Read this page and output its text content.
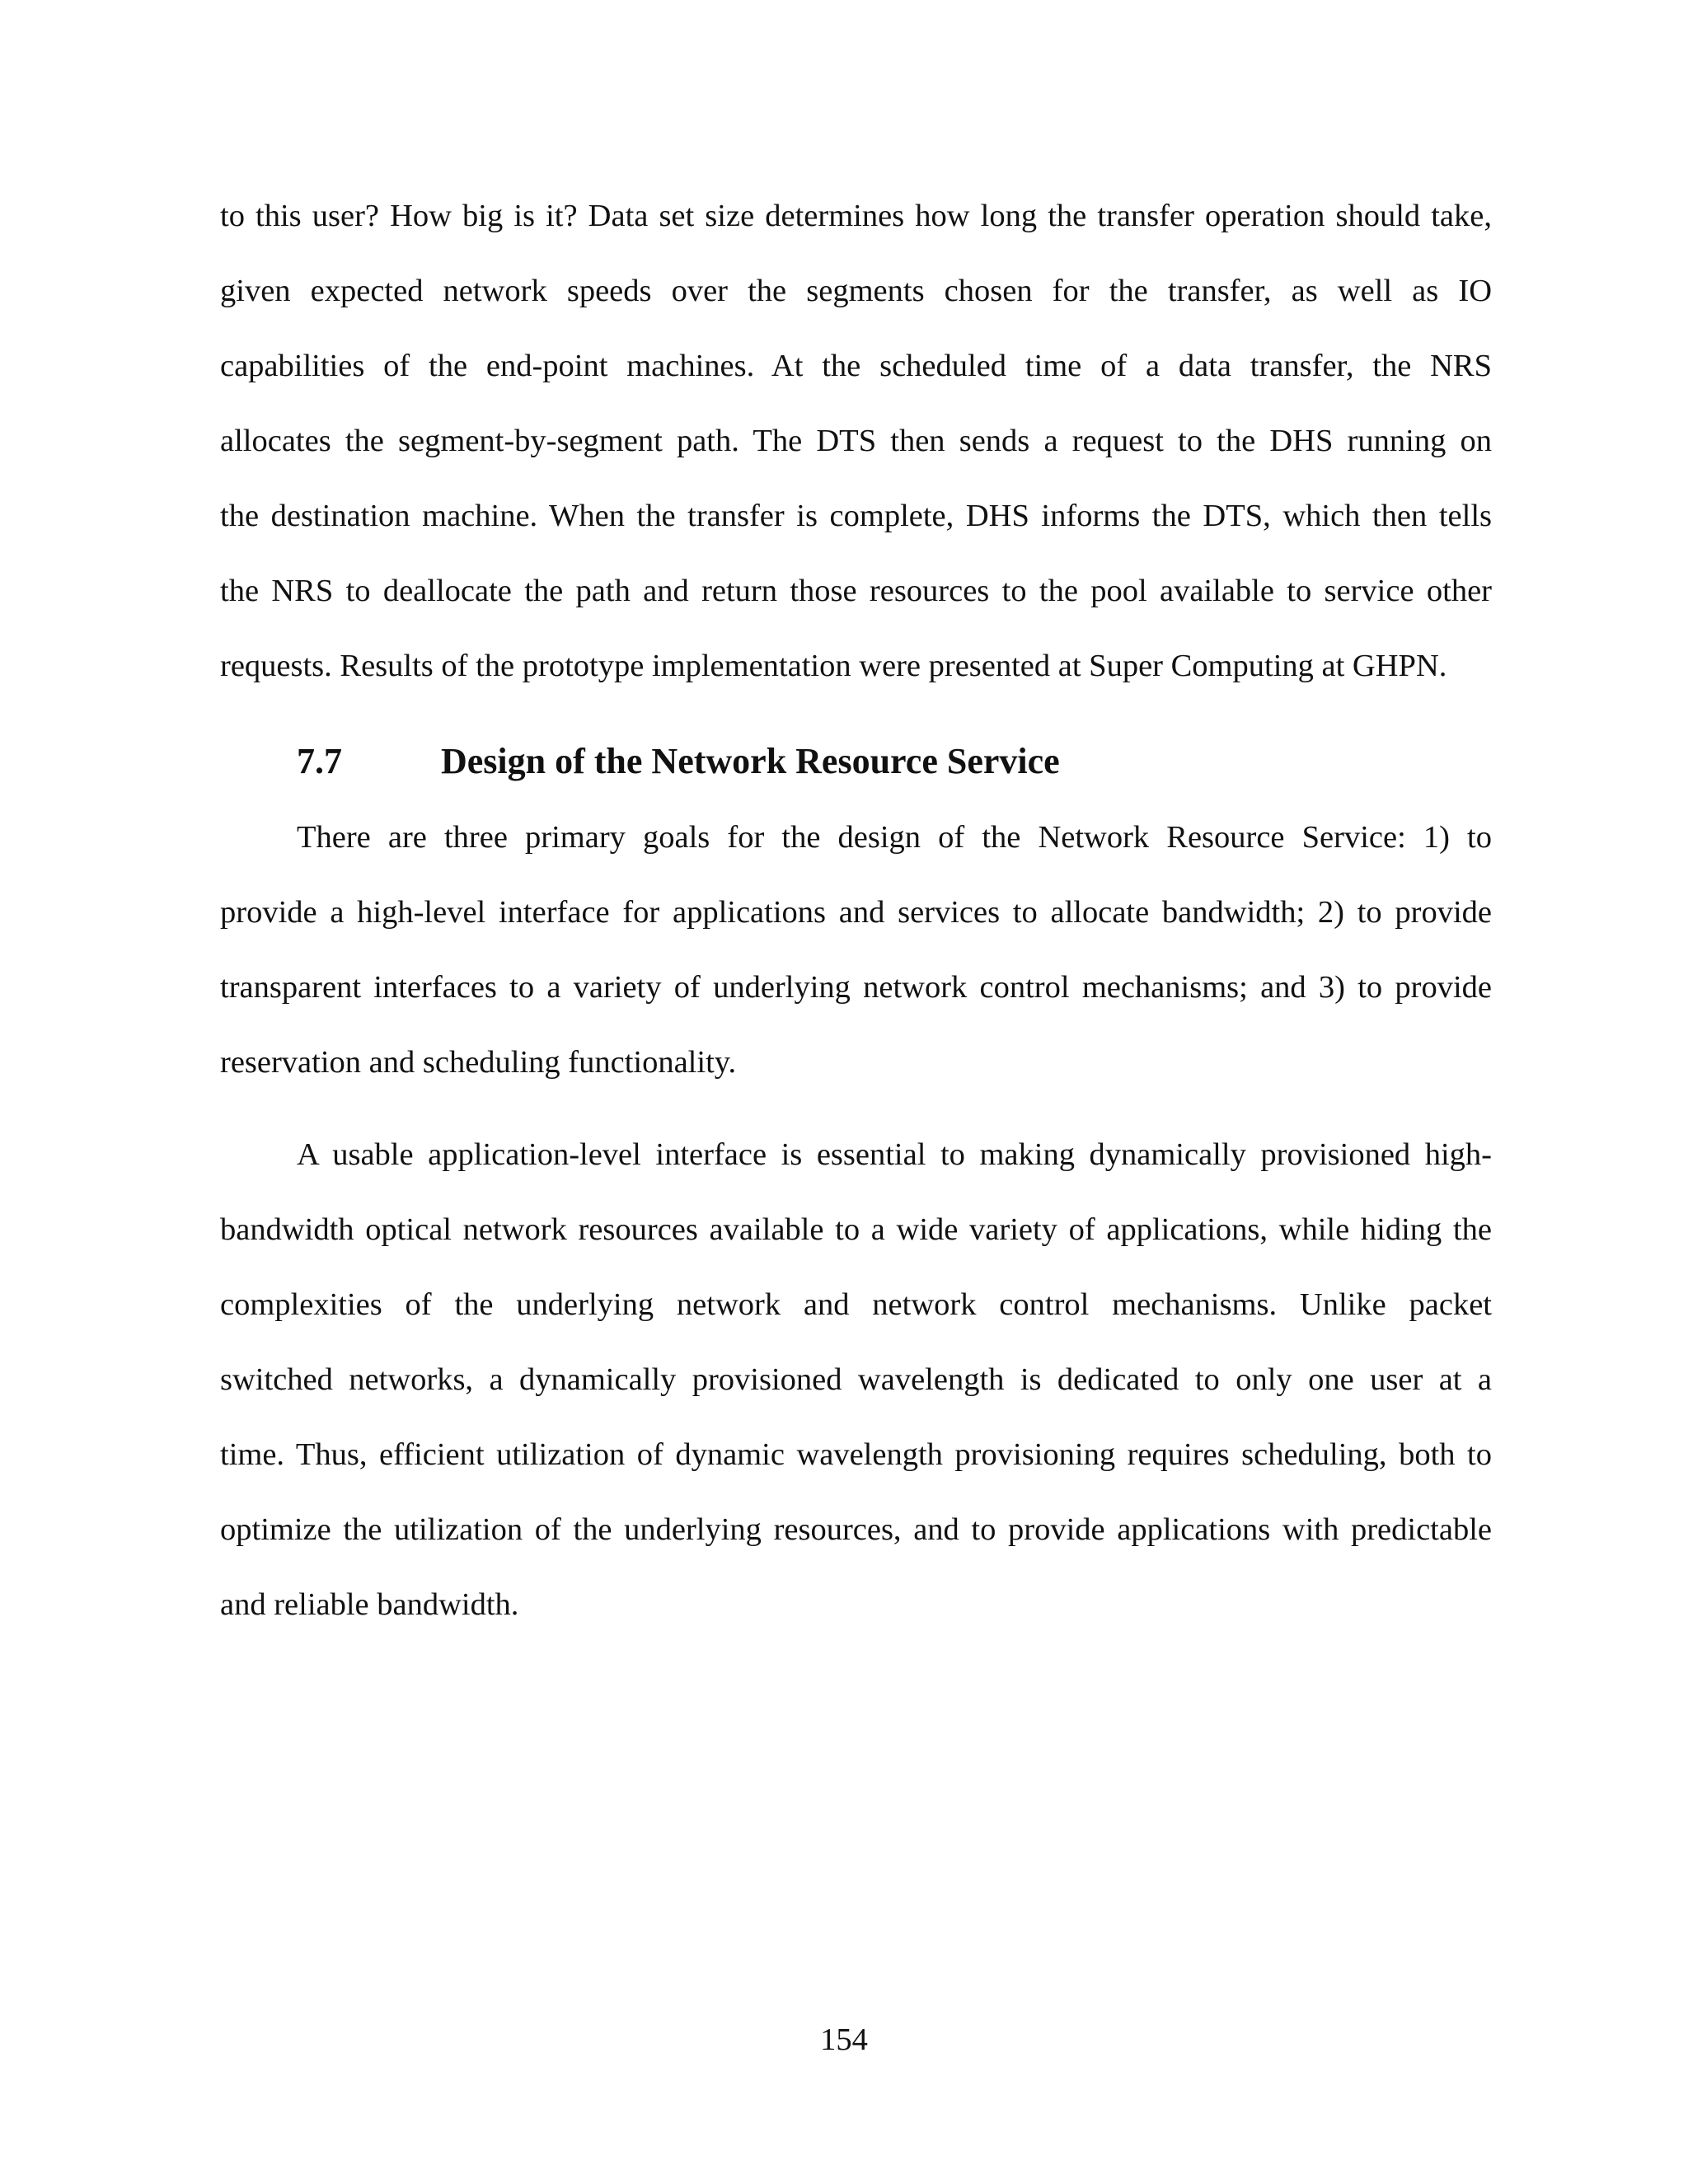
to this user? How big is it? Data set size determines how long the transfer operation should take,
given expected network speeds over the segments chosen for the transfer, as well as IO
capabilities of the end-point machines. At the scheduled time of a data transfer, the NRS
allocates the segment-by-segment path. The DTS then sends a request to the DHS running on
the destination machine. When the transfer is complete, DHS informs the DTS, which then tells
the NRS to deallocate the path and return those resources to the pool available to service other
requests. Results of the prototype implementation were presented at Super Computing at GHPN.
7.7	Design of the Network Resource Service
There are three primary goals for the design of the Network Resource Service: 1) to
provide a high-level interface for applications and services to allocate bandwidth; 2) to provide
transparent interfaces to a variety of underlying network control mechanisms; and 3) to provide
reservation and scheduling functionality.
A usable application-level interface is essential to making dynamically provisioned high-
bandwidth optical network resources available to a wide variety of applications, while hiding the
complexities of the underlying network and network control mechanisms. Unlike packet
switched networks, a dynamically provisioned wavelength is dedicated to only one user at a
time. Thus, efficient utilization of dynamic wavelength provisioning requires scheduling, both to
optimize the utilization of the underlying resources, and to provide applications with predictable
and reliable bandwidth.
154
